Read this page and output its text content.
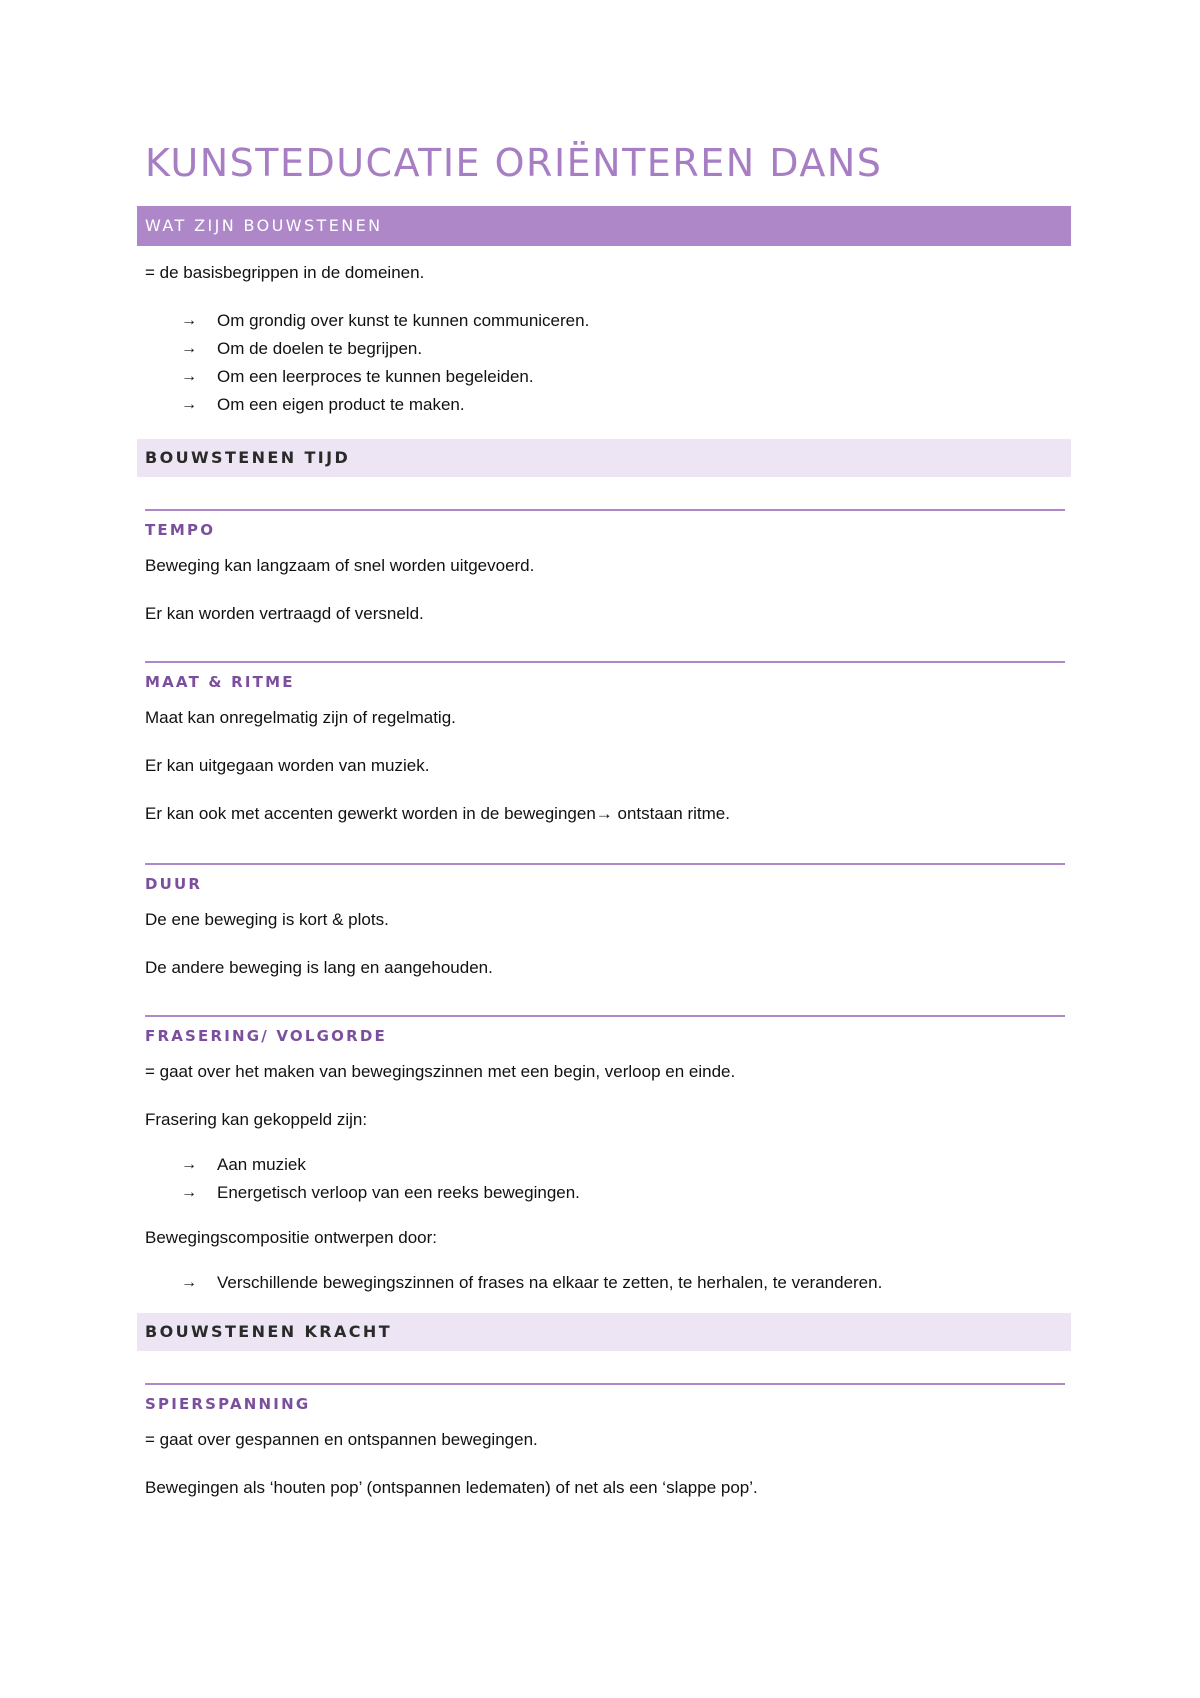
KUNSTEDUCATIE ORIËNTEREN DANS
WAT ZIJN BOUWSTENEN

= de basisbegrippen in de domeinen.

→ Om grondig over kunst te kunnen communiceren.
→ Om de doelen te begrijpen.
→ Om een leerproces te kunnen begeleiden.
→ Om een eigen product te maken.
BOUWSTENEN TIJD
TEMPO

Beweging kan langzaam of snel worden uitgevoerd.

Er kan worden vertraagd of versneld.

MAAT & RITME

Maat kan onregelmatig zijn of regelmatig.

Er kan uitgegaan worden van muziek.

Er kan ook met accenten gewerkt worden in de bewegingen→ ontstaan ritme.

DUUR

De ene beweging is kort & plots.

De andere beweging is lang en aangehouden.

FRASERING/ VOLGORDE

= gaat over het maken van bewegingszinnen met een begin, verloop en einde.

Frasering kan gekoppeld zijn:

→ Aan muziek
→ Energetisch verloop van een reeks bewegingen.

Bewegingscompositie ontwerpen door:

→ Verschillende bewegingszinnen of frases na elkaar te zetten, te herhalen, te veranderen.
BOUWSTENEN KRACHT
SPIERSPANNING

= gaat over gespannen en ontspannen bewegingen.

Bewegingen als ‘houten pop’ (ontspannen ledematen) of net als een ‘slappe pop’.
